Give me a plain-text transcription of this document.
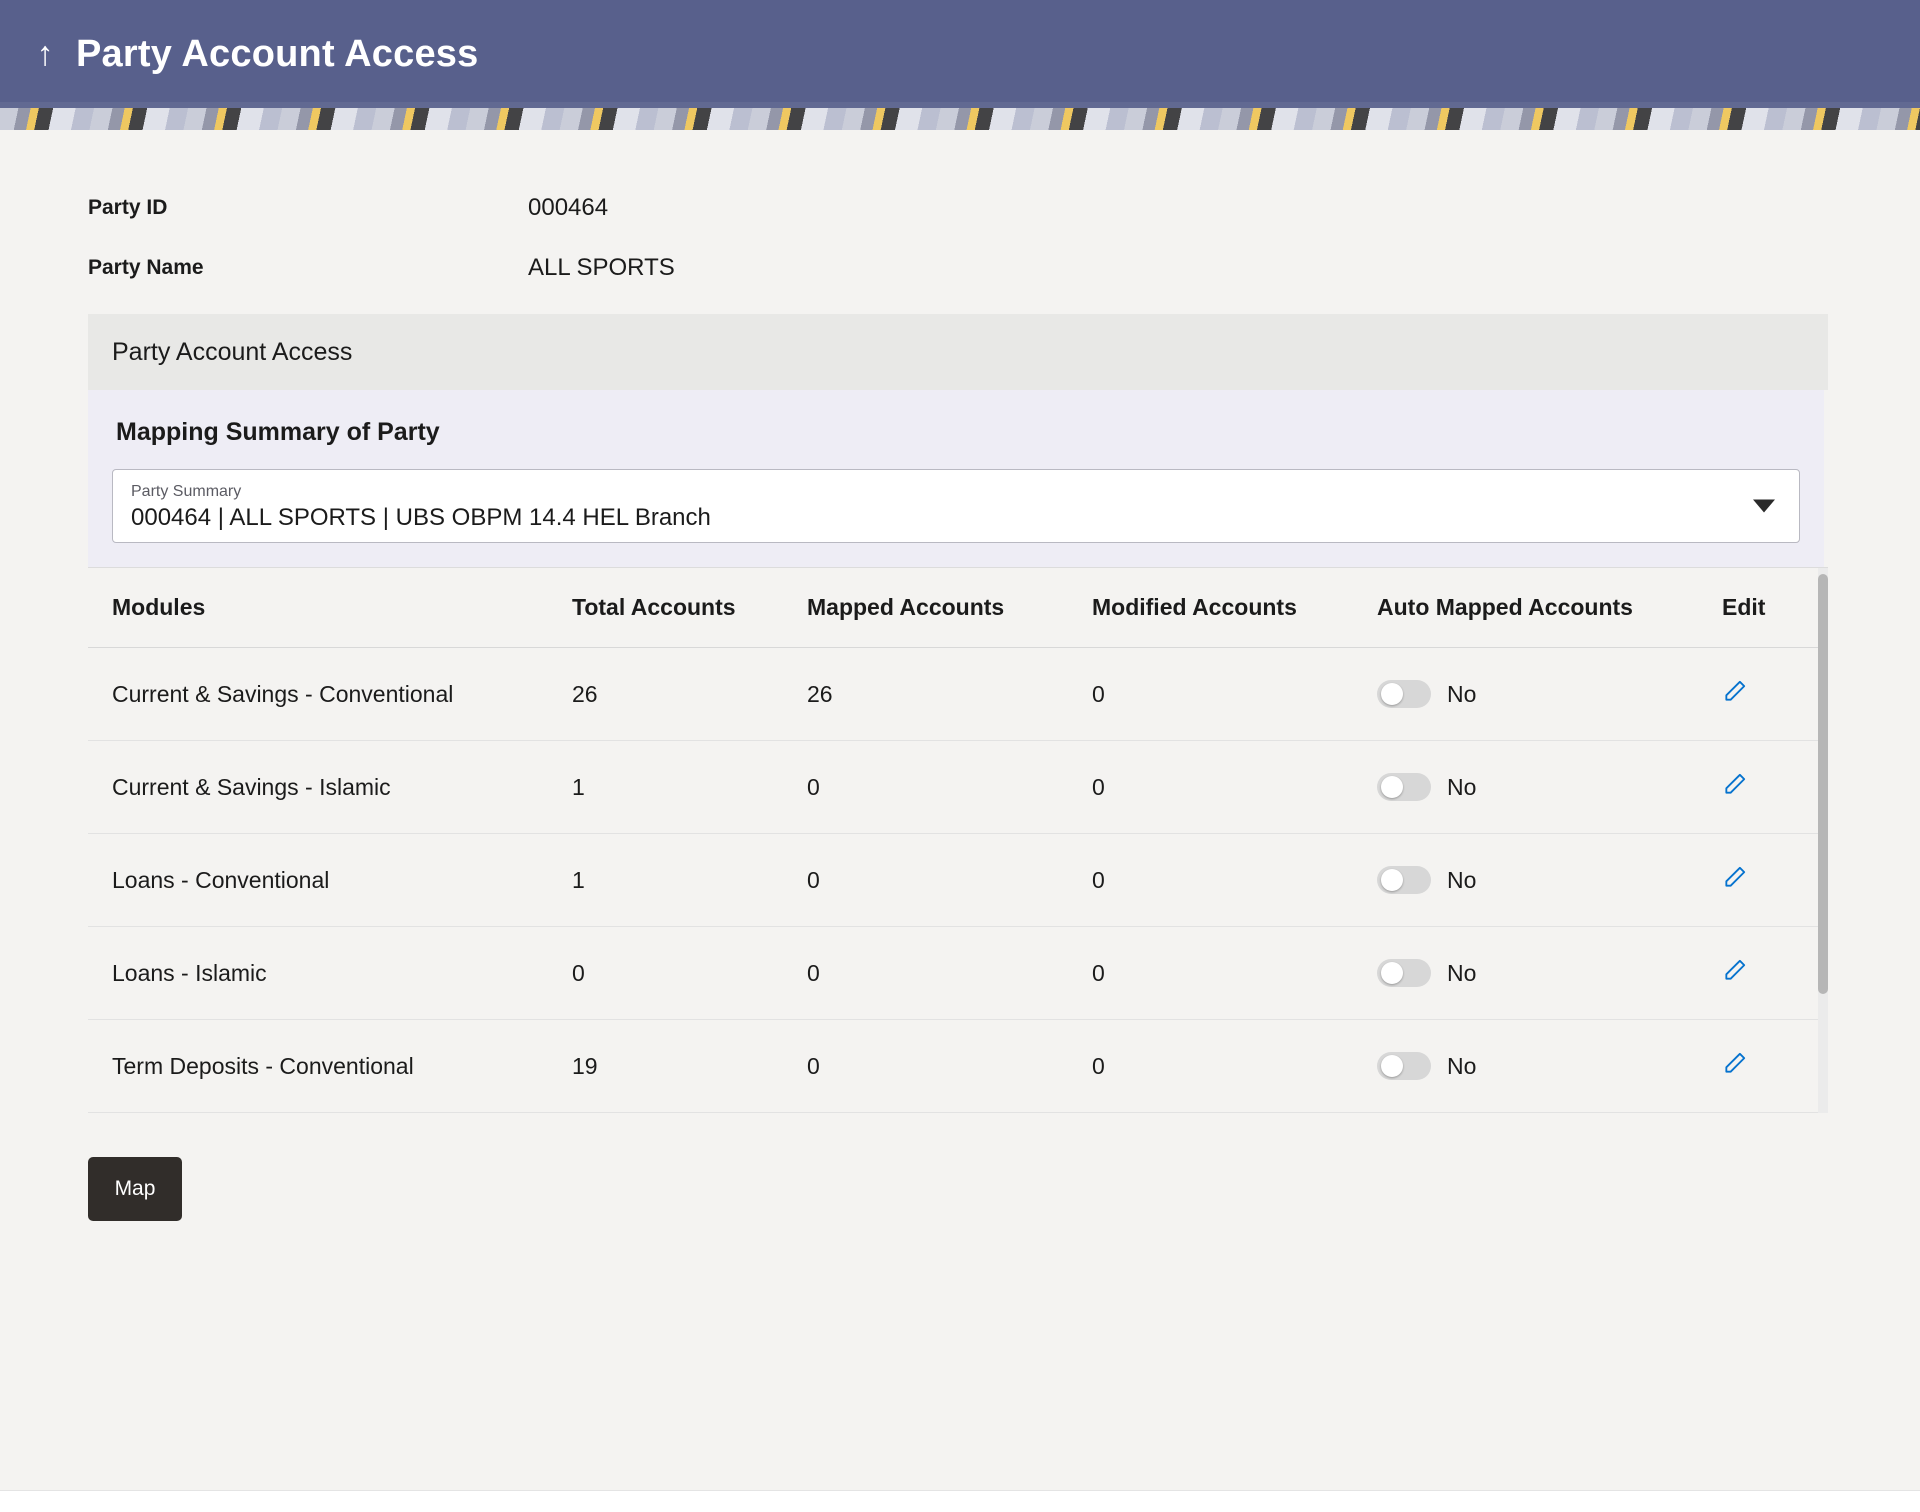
↑ Party Account Access
Party ID	000464
Party Name	ALL SPORTS
Party Account Access
Mapping Summary of Party
Party Summary
000464 | ALL SPORTS | UBS OBPM 14.4 HEL Branch
Modules	Total Accounts	Mapped Accounts	Modified Accounts	Auto Mapped Accounts	Edit
Current & Savings - Conventional	26	26	0	No

Current & Savings - Islamic	1	0	0	No

Loans - Conventional	1	0	0	No

Loans - Islamic	0	0	0	No

Term Deposits - Conventional	19	0	0	No

Map
